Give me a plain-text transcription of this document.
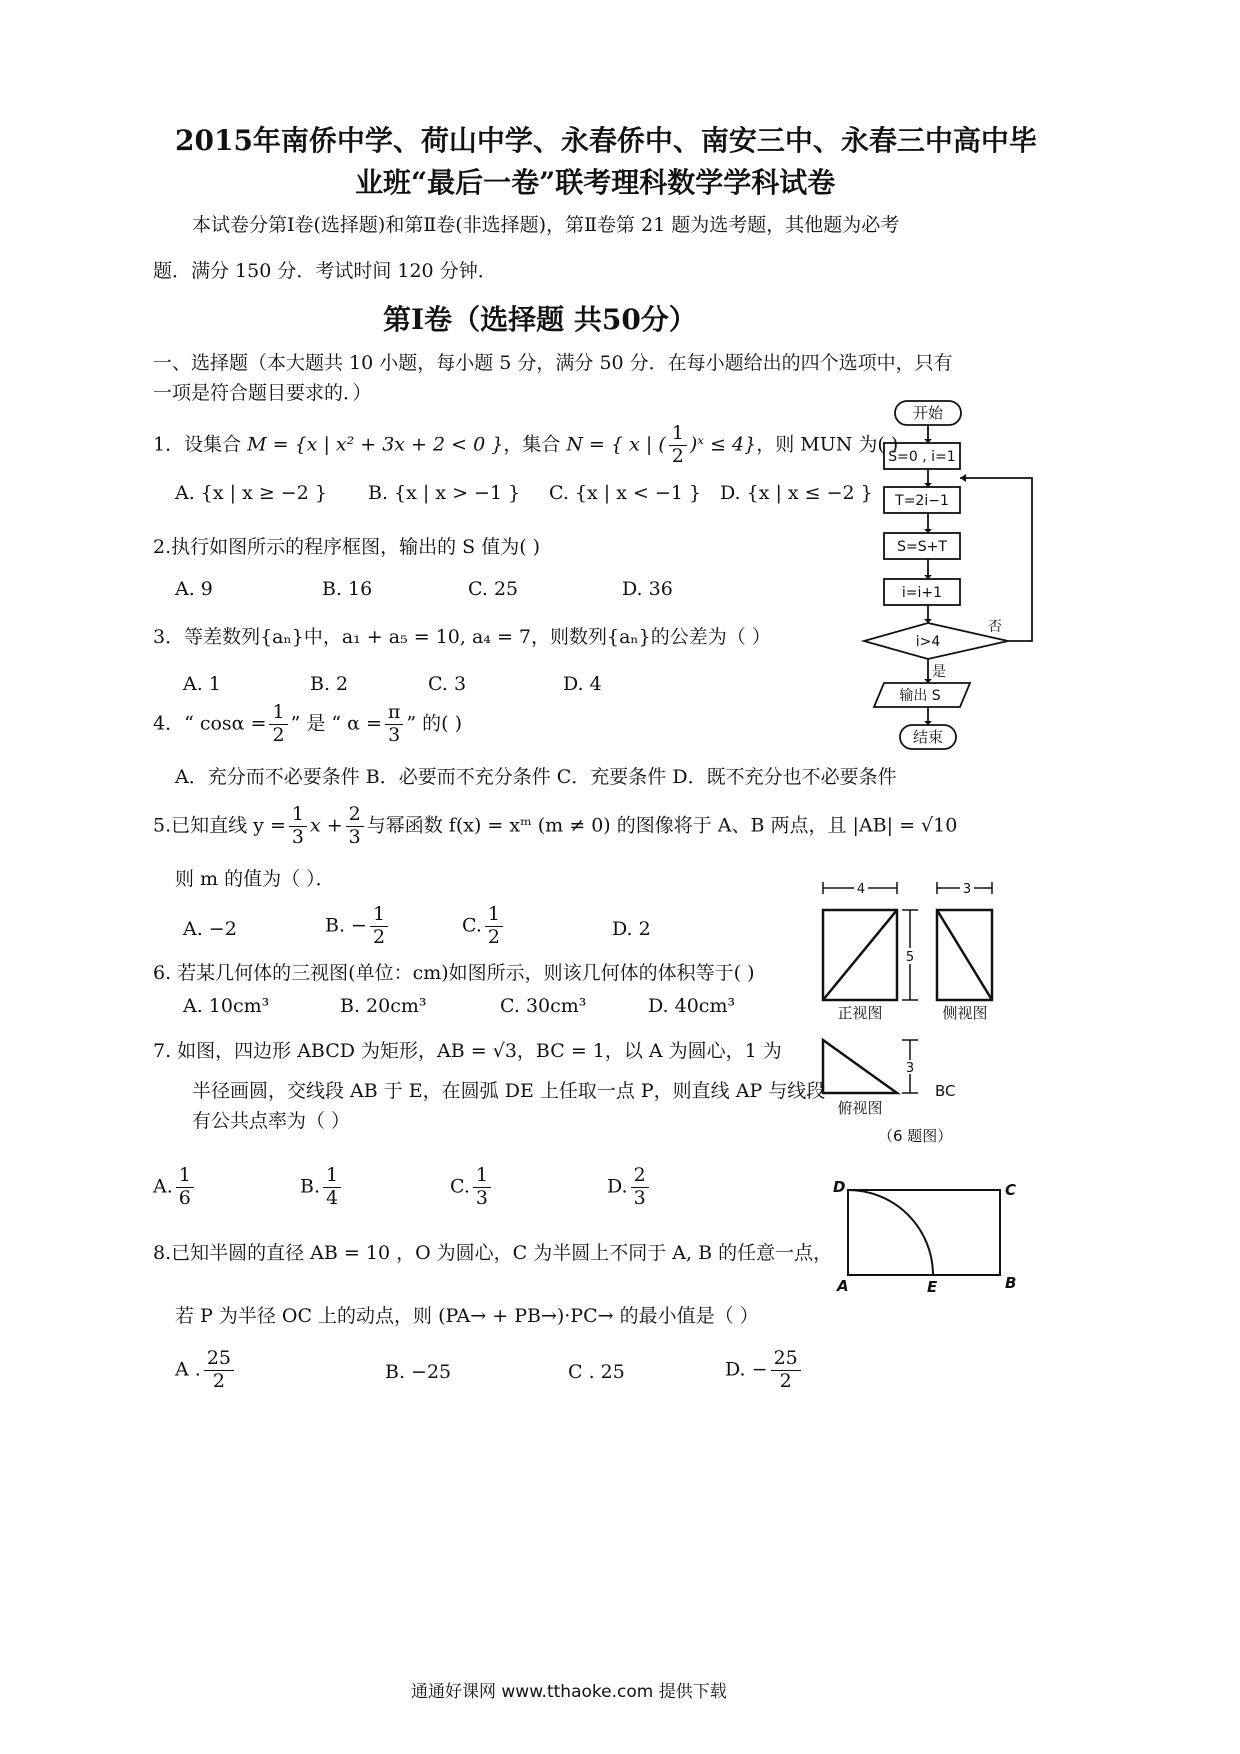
2015年南侨中学、荷山中学、永春侨中、南安三中、永春三中高中毕
业班“最后一卷”联考理科数学学科试卷
本试卷分第Ⅰ卷(选择题)和第Ⅱ卷(非选择题)，第Ⅱ卷第 21 题为选考题，其他题为必考
题．满分 150 分．考试时间 120 分钟．
第Ⅰ卷（选择题 共50分）
一、选择题（本大题共 10 小题，每小题 5 分，满分 50 分．在每小题给出的四个选项中，只有
一项是符合题目要求的．）
1．设集合 M = {x | x² + 3x + 2 < 0 }，集合 N = { x | ( $\frac{1}{2}$ )ˣ ≤ 4}，则 MUN 为( )
A. {x | x ≥ −2 } B. {x | x > −1 } C. {x | x < −1 } D. {x | x ≤ −2 }
2.执行如图所示的程序框图，输出的 S 值为( )
A. 9	B. 16	C. 25	D. 36
3．等差数列{aₙ}中，a₁ + a₅ = 10, a₄ = 7，则数列{aₙ}的公差为（ ）
A. 1	B. 2	C. 3	D. 4
4．“ $\cos\alpha = \frac{1}{2}$ ” 是 “ $\alpha = \frac{\pi}{3}$ ” 的( )
A．充分而不必要条件 B．必要而不充分条件 C．充要条件 D．既不充分也不必要条件
5.已知直线 $y = \frac{1}{3}$ $x + \frac{2}{3}$ 与幂函数 f(x) = xᵐ (m ≠ 0) 的图像将于 A、B 两点，且 |AB| = √10
则 m 的值为（ ）．
A. −2	B. − $\frac{1}{2}$	C. $\frac{1}{2}$	D. 2
6. 若某几何体的三视图(单位：cm)如图所示，则该几何体的体积等于( )
A. 10cm³	B. 20cm³	C. 30cm³	D. 40cm³
7. 如图，四边形 ABCD 为矩形，AB = √3，BC = 1，以 A 为圆心，1 为
半径画圆，交线段 AB 于 E，在圆弧 DE 上任取一点 P，则直线 AP 与线段
有公共点率为（ ）
A. $\frac{1}{6}$	B. $\frac{1}{4}$	C. $\frac{1}{3}$	D. $\frac{2}{3}$
8.已知半圆的直径 AB = 10 ，O 为圆心，C 为半圆上不同于 A, B 的任意一点，
若 P 为半径 OC 上的动点，则 (PA→ + PB→)·PC→ 的最小值是（ ）
A . $\frac{25}{2}$	B. −25	C . 25	D. − $\frac{25}{2}$
开始
S=0 , i=1
T=2i−1
S=S+T
i=i+1
i>4
否
是
输出 S
结束
4	3
5
3
正视图	侧视图
俯视图
BC
（6 题图）
D	C
A	E	B
通通好课网 www.tthaoke.com 提供下载
